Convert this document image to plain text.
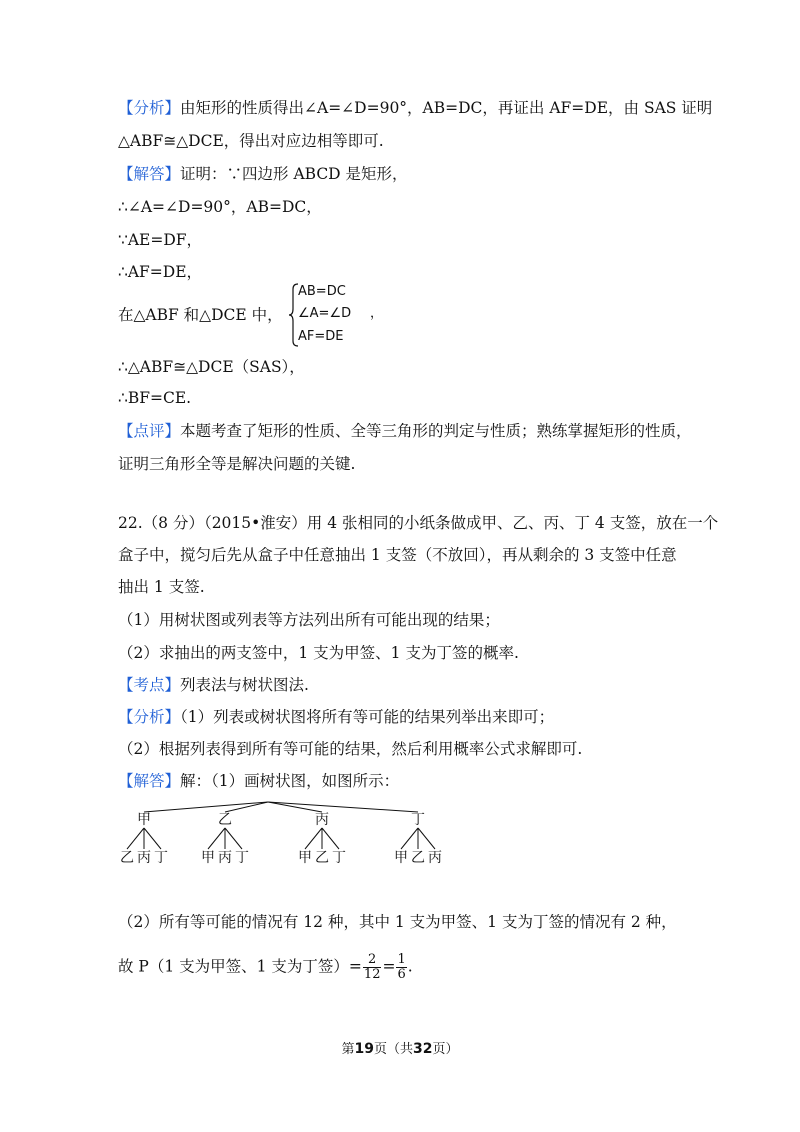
【分析】由矩形的性质得出∠A=∠D=90°，AB=DC，再证出 AF=DE，由 SAS 证明
△ABF≅△DCE，得出对应边相等即可.
【解答】证明：∵四边形 ABCD 是矩形，
∴∠A=∠D=90°，AB=DC，
∵AE=DF，
∴AF=DE，
在△ABF 和△DCE 中，
AB=DC
∠A=∠D
AF=DE
，
∴△ABF≅△DCE（SAS），
∴BF=CE.
【点评】本题考查了矩形的性质、全等三角形的判定与性质；熟练掌握矩形的性质，
证明三角形全等是解决问题的关键.
22.（8 分）（2015•淮安）用 4 张相同的小纸条做成甲、乙、丙、丁 4 支签，放在一个
盒子中，搅匀后先从盒子中任意抽出 1 支签（不放回），再从剩余的 3 支签中任意
抽出 1 支签.
（1）用树状图或列表等方法列出所有可能出现的结果；
（2）求抽出的两支签中，1 支为甲签、1 支为丁签的概率.
【考点】列表法与树状图法.
【分析】（1）列表或树状图将所有等可能的结果列举出来即可；
（2）根据列表得到所有等可能的结果，然后利用概率公式求解即可.
【解答】解：（1）画树状图，如图所示：
甲
乙 丙 丁
乙
甲 丙 丁
丙
甲 乙 丁
丁
甲 乙 丙
（2）所有等可能的情况有 12 种，其中 1 支为甲签、1 支为丁签的情况有 2 种，
故 P（1 支为甲签、1 支为丁签）= $\frac{2}{12} = \frac{1}{6}$ .
第19页（共32页）
